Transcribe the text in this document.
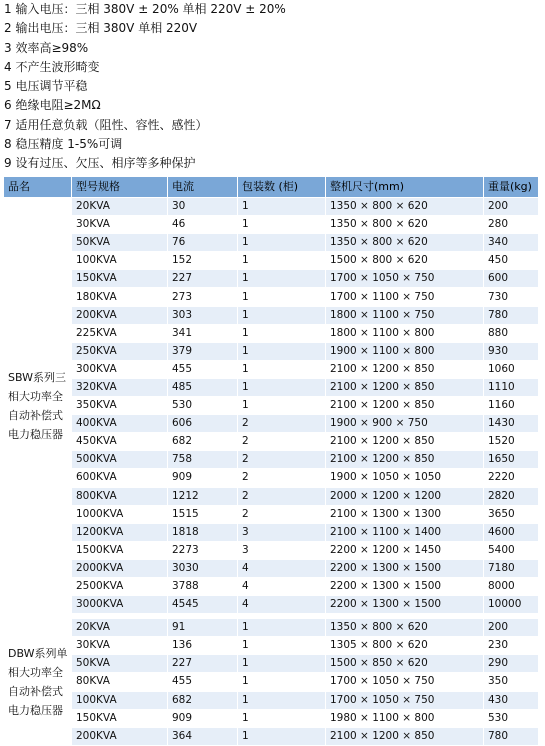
1 输入电压：三相 380V ± 20% 单相 220V ± 20%
2 输出电压：三相 380V 单相 220V
3 效率高≥98%
4 不产生波形畸变
5 电压调节平稳
6 绝缘电阻≥2MΩ
7 适用任意负载（阻性、容性、感性）
8 稳压精度 1-5%可调
9 设有过压、欠压、相序等多种保护
品名	型号规格	电流	包装数 (柜)	整机尺寸(mm)	重量(kg)
SBW系列三相大功率全自动补偿式电力稳压器	20KVA	30	1	1350 × 800 × 620	200
	30KVA	46	1	1350 × 800 × 620	280
	50KVA	76	1	1350 × 800 × 620	340
	100KVA	152	1	1500 × 800 × 620	450
	150KVA	227	1	1700 × 1050 × 750	600
	180KVA	273	1	1700 × 1100 × 750	730
	200KVA	303	1	1800 × 1100 × 750	780
	225KVA	341	1	1800 × 1100 × 800	880
	250KVA	379	1	1900 × 1100 × 800	930
	300KVA	455	1	2100 × 1200 × 850	1060
	320KVA	485	1	2100 × 1200 × 850	1110
	350KVA	530	1	2100 × 1200 × 850	1160
	400KVA	606	2	1900 × 900 × 750	1430
	450KVA	682	2	2100 × 1200 × 850	1520
	500KVA	758	2	2100 × 1200 × 850	1650
	600KVA	909	2	1900 × 1050 × 1050	2220
	800KVA	1212	2	2000 × 1200 × 1200	2820
	1000KVA	1515	2	2100 × 1300 × 1300	3650
	1200KVA	1818	3	2100 × 1100 × 1400	4600
	1500KVA	2273	3	2200 × 1200 × 1450	5400
	2000KVA	3030	4	2200 × 1300 × 1500	7180
	2500KVA	3788	4	2200 × 1300 × 1500	8000
	3000KVA	4545	4	2200 × 1300 × 1500	10000

DBW系列单相大功率全自动补偿式电力稳压器	20KVA	91	1	1350 × 800 × 620	200
	30KVA	136	1	1305 × 800 × 620	230
	50KVA	227	1	1500 × 850 × 620	290
	80KVA	455	1	1700 × 1050 × 750	350
	100KVA	682	1	1700 × 1050 × 750	430
	150KVA	909	1	1980 × 1100 × 800	530
	200KVA	364	1	2100 × 1200 × 850	780
